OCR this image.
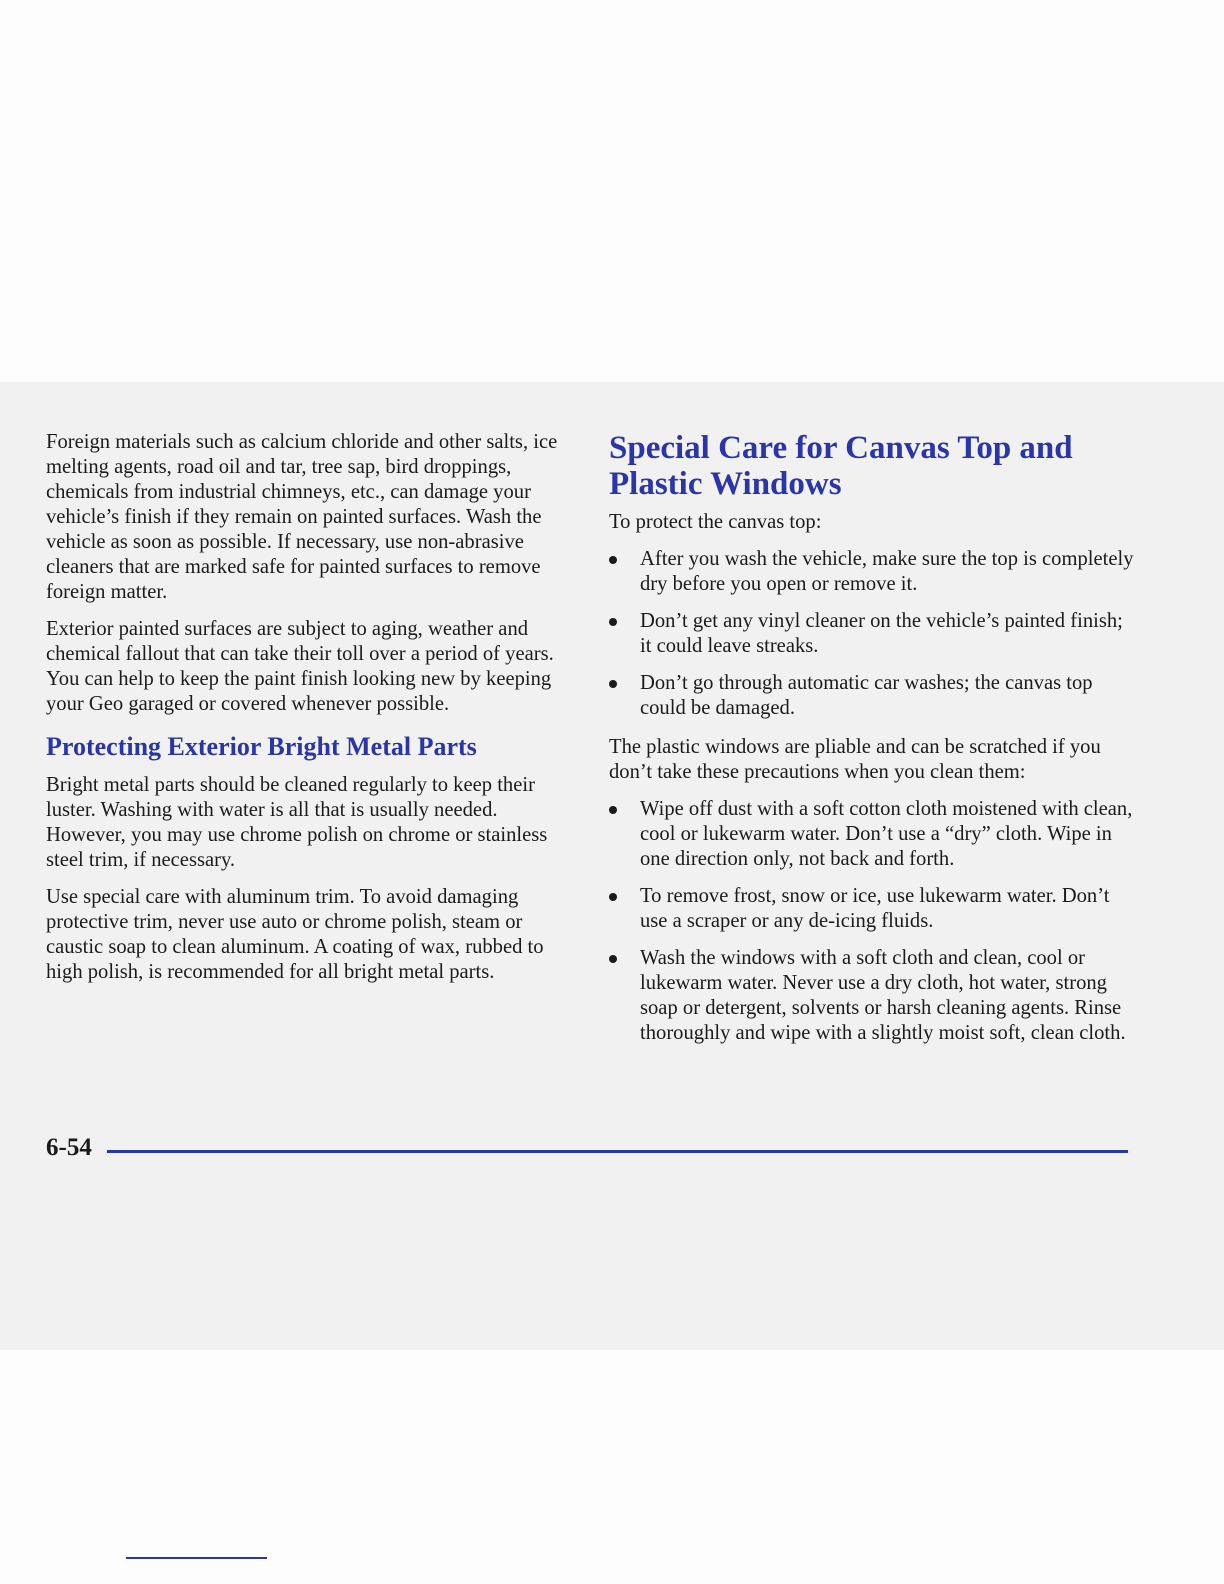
Foreign materials such as calcium chloride and other salts, ice melting agents, road oil and tar, tree sap, bird droppings, chemicals from industrial chimneys, etc., can damage your vehicle’s finish if they remain on painted surfaces. Wash the vehicle as soon as possible. If necessary, use non-abrasive cleaners that are marked safe for painted surfaces to remove foreign matter.

Exterior painted surfaces are subject to aging, weather and chemical fallout that can take their toll over a period of years. You can help to keep the paint finish looking new by keeping your Geo garaged or covered whenever possible.

Protecting Exterior Bright Metal Parts

Bright metal parts should be cleaned regularly to keep their luster. Washing with water is all that is usually needed. However, you may use chrome polish on chrome or stainless steel trim, if necessary.

Use special care with aluminum trim. To avoid damaging protective trim, never use auto or chrome polish, steam or caustic soap to clean aluminum. A coating of wax, rubbed to high polish, is recommended for all bright metal parts.

Special Care for Canvas Top and Plastic Windows

To protect the canvas top:

After you wash the vehicle, make sure the top is completely dry before you open or remove it.
Don’t get any vinyl cleaner on the vehicle’s painted finish; it could leave streaks.
Don’t go through automatic car washes; the canvas top could be damaged.

The plastic windows are pliable and can be scratched if you don’t take these precautions when you clean them:

Wipe off dust with a soft cotton cloth moistened with clean, cool or lukewarm water. Don’t use a “dry” cloth. Wipe in one direction only, not back and forth.
To remove frost, snow or ice, use lukewarm water. Don’t use a scraper or any de-icing fluids.
Wash the windows with a soft cloth and clean, cool or lukewarm water. Never use a dry cloth, hot water, strong soap or detergent, solvents or harsh cleaning agents. Rinse thoroughly and wipe with a slightly moist soft, clean cloth.
6-54
